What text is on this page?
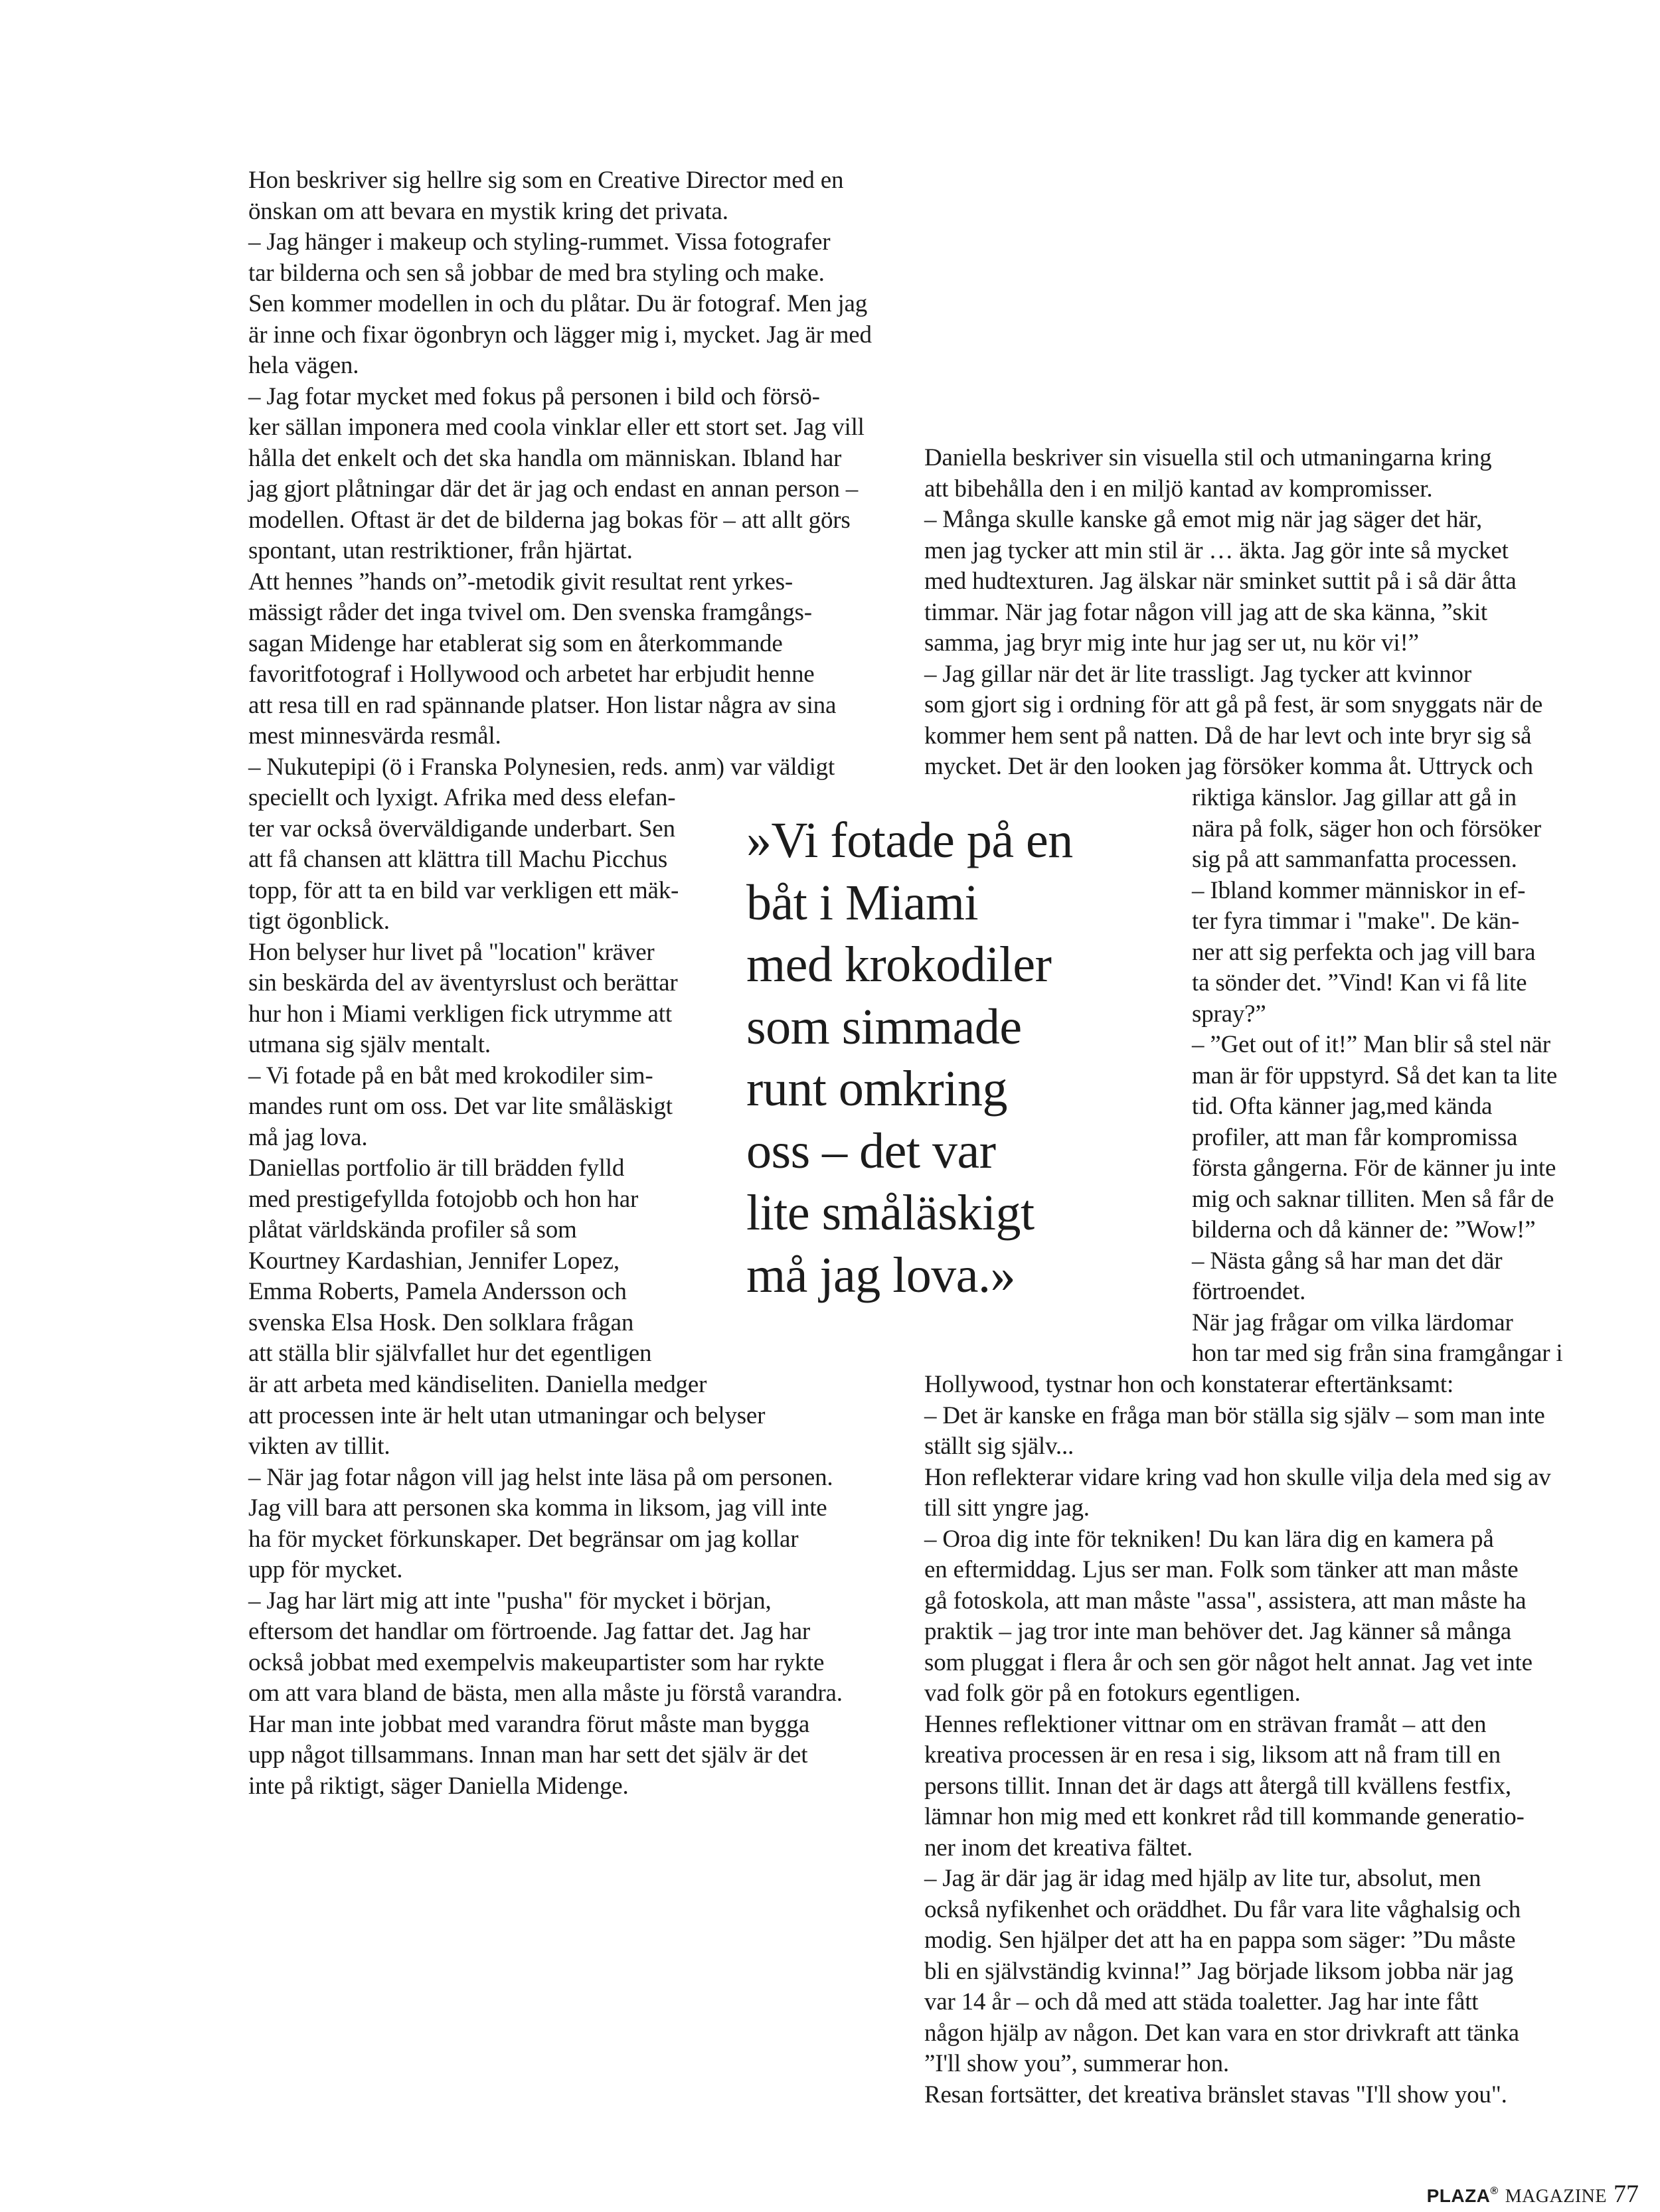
Hon beskriver sig hellre sig som en Creative Director med en
önskan om att bevara en mystik kring det privata.
– Jag hänger i makeup och styling-rummet. Vissa fotografer
tar bilderna och sen så jobbar de med bra styling och make.
Sen kommer modellen in och du plåtar. Du är fotograf. Men jag
är inne och fixar ögonbryn och lägger mig i, mycket. Jag är med
hela vägen.
– Jag fotar mycket med fokus på personen i bild och försö-
ker sällan imponera med coola vinklar eller ett stort set. Jag vill
hålla det enkelt och det ska handla om människan. Ibland har
jag gjort plåtningar där det är jag och endast en annan person –
modellen. Oftast är det de bilderna jag bokas för – att allt görs
spontant, utan restriktioner, från hjärtat.
Att hennes ”hands on”-metodik givit resultat rent yrkes-
mässigt råder det inga tvivel om. Den svenska framgångs-
sagan Midenge har etablerat sig som en återkommande
favoritfotograf i Hollywood och arbetet har erbjudit henne
att resa till en rad spännande platser. Hon listar några av sina
mest minnesvärda resmål.
– Nukutepipi (ö i Franska Polynesien, reds. anm) var väldigt
speciellt och lyxigt. Afrika med dess elefan-
ter var också överväldigande underbart. Sen
att få chansen att klättra till Machu Picchus
topp, för att ta en bild var verkligen ett mäk-
tigt ögonblick.
Hon belyser hur livet på "location" kräver
sin beskärda del av äventyrslust och berättar
hur hon i Miami verkligen fick utrymme att
utmana sig själv mentalt.
– Vi fotade på en båt med krokodiler sim-
mandes runt om oss. Det var lite småläskigt
må jag lova.
Daniellas portfolio är till brädden fylld
med prestigefyllda fotojobb och hon har
plåtat världskända profiler så som
Kourtney Kardashian, Jennifer Lopez,
Emma Roberts, Pamela Andersson och
svenska Elsa Hosk. Den solklara frågan
att ställa blir självfallet hur det egentligen
är att arbeta med kändiseliten. Daniella medger
att processen inte är helt utan utmaningar och belyser
vikten av tillit.
– När jag fotar någon vill jag helst inte läsa på om personen.
Jag vill bara att personen ska komma in liksom, jag vill inte
ha för mycket förkunskaper. Det begränsar om jag kollar
upp för mycket.
– Jag har lärt mig att inte "pusha" för mycket i början,
eftersom det handlar om förtroende. Jag fattar det. Jag har
också jobbat med exempelvis makeupartister som har rykte
om att vara bland de bästa, men alla måste ju förstå varandra.
Har man inte jobbat med varandra förut måste man bygga
upp något tillsammans. Innan man har sett det själv är det
inte på riktigt, säger Daniella Midenge.
»Vi fotade på en
båt i Miami
med krokodiler
som simmade
runt omkring
oss – det var
lite småläskigt
må jag lova.»
Daniella beskriver sin visuella stil och utmaningarna kring
att bibehålla den i en miljö kantad av kompromisser.
– Många skulle kanske gå emot mig när jag säger det här,
men jag tycker att min stil är … äkta. Jag gör inte så mycket
med hudtexturen. Jag älskar när sminket suttit på i så där åtta
timmar. När jag fotar någon vill jag att de ska känna, ”skit
samma, jag bryr mig inte hur jag ser ut, nu kör vi!”
– Jag gillar när det är lite trassligt. Jag tycker att kvinnor
som gjort sig i ordning för att gå på fest, är som snyggats när de
kommer hem sent på natten. Då de har levt och inte bryr sig så
mycket. Det är den looken jag försöker komma åt. Uttryck och
riktiga känslor. Jag gillar att gå in
nära på folk, säger hon och försöker
sig på att sammanfatta processen.
– Ibland kommer människor in ef-
ter fyra timmar i "make". De kän-
ner att sig perfekta och jag vill bara
ta sönder det. ”Vind! Kan vi få lite
spray?”
– ”Get out of it!” Man blir så stel när
man är för uppstyrd. Så det kan ta lite
tid. Ofta känner jag,med kända
profiler, att man får kompromissa
första gångerna. För de känner ju inte
mig och saknar tilliten. Men så får de
bilderna och då känner de: ”Wow!”
– Nästa gång så har man det där
förtroendet.
När jag frågar om vilka lärdomar
hon tar med sig från sina framgångar i
Hollywood, tystnar hon och konstaterar eftertänksamt:
– Det är kanske en fråga man bör ställa sig själv – som man inte
ställt sig själv...
Hon reflekterar vidare kring vad hon skulle vilja dela med sig av
till sitt yngre jag.
– Oroa dig inte för tekniken! Du kan lära dig en kamera på
en eftermiddag. Ljus ser man. Folk som tänker att man måste
gå fotoskola, att man måste "assa", assistera, att man måste ha
praktik – jag tror inte man behöver det. Jag känner så många
som pluggat i flera år och sen gör något helt annat. Jag vet inte
vad folk gör på en fotokurs egentligen.
Hennes reflektioner vittnar om en strävan framåt – att den
kreativa processen är en resa i sig, liksom att nå fram till en
persons tillit. Innan det är dags att återgå till kvällens festfix,
lämnar hon mig med ett konkret råd till kommande generatio-
ner inom det kreativa fältet.
– Jag är där jag är idag med hjälp av lite tur, absolut, men
också nyfikenhet och oräddhet. Du får vara lite våghalsig och
modig. Sen hjälper det att ha en pappa som säger: ”Du måste
bli en självständig kvinna!” Jag började liksom jobba när jag
var 14 år – och då med att städa toaletter. Jag har inte fått
någon hjälp av någon. Det kan vara en stor drivkraft att tänka
”I'll show you”, summerar hon.
Resan fortsätter, det kreativa bränslet stavas "I'll show you".
PLAZA® MAGAZINE 77
